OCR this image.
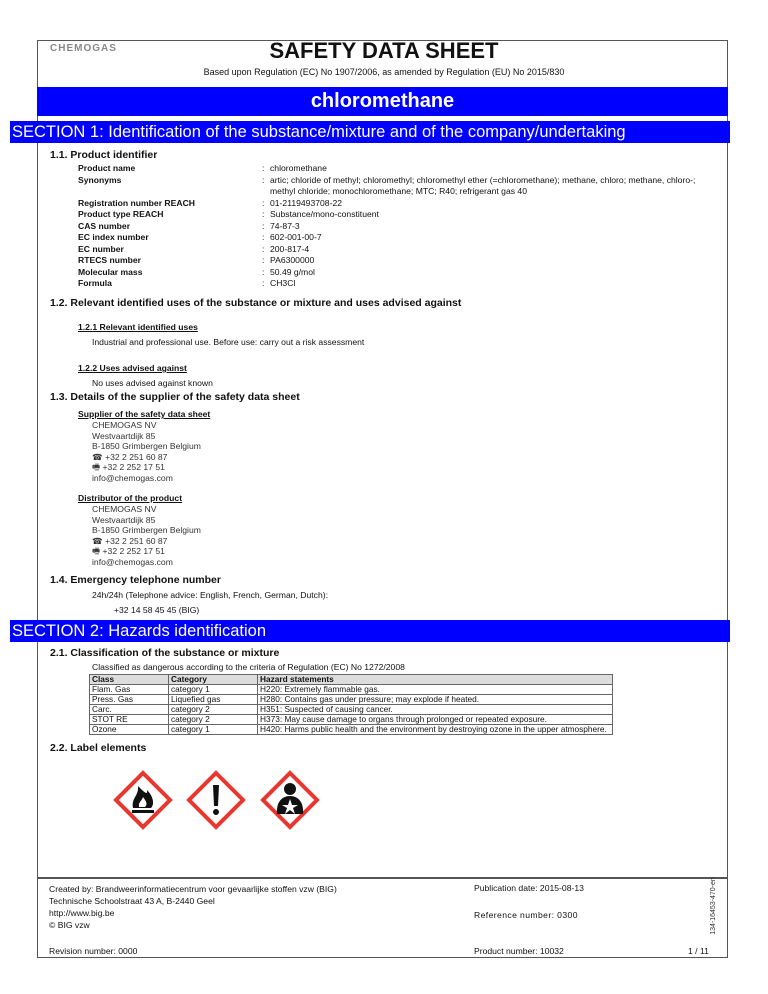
CHEMOGAS	SAFETY DATA SHEET
Based upon Regulation (EC) No 1907/2006, as amended by Regulation (EU) No 2015/830
chloromethane
SECTION 1: Identification of the substance/mixture and of the company/undertaking
1.1. Product identifier
Product name	: chloromethane
Synonyms	: artic; chloride of methyl; chloromethyl; chloromethyl ether (=chloromethane); methane, chloro; methane, chloro-;
methyl chloride; monochloromethane; MTC; R40; refrigerant gas 40
Registration number REACH	: 01-2119493708-22
Product type REACH	: Substance/mono-constituent
CAS number	: 74-87-3
EC index number	: 602-001-00-7
EC number	: 200-817-4
RTECS number	: PA6300000
Molecular mass	: 50.49 g/mol
Formula	: CH3Cl
1.2. Relevant identified uses of the substance or mixture and uses advised against
1.2.1 Relevant identified uses
Industrial and professional use. Before use: carry out a risk assessment
1.2.2 Uses advised against
No uses advised against known
1.3. Details of the supplier of the safety data sheet
Supplier of the safety data sheet
CHEMOGAS NV
Westvaartdijk 85
B-1850 Grimbergen Belgium
☎ +32 2 251 60 87
🖷 +32 2 252 17 51
info@chemogas.com
Distributor of the product
CHEMOGAS NV
Westvaartdijk 85
B-1850 Grimbergen Belgium
☎ +32 2 251 60 87
🖷 +32 2 252 17 51
info@chemogas.com
1.4. Emergency telephone number
24h/24h (Telephone advice: English, French, German, Dutch):
+32 14 58 45 45 (BIG)
SECTION 2: Hazards identification
2.1. Classification of the substance or mixture
Classified as dangerous according to the criteria of Regulation (EC) No 1272/2008
Class	Category	Hazard statements
Flam. Gas	category 1	H220: Extremely flammable gas.
Press. Gas	Liquefied gas	H280: Contains gas under pressure; may explode if heated.
Carc.	category 2	H351: Suspected of causing cancer.
STOT RE	category 2	H373: May cause damage to organs through prolonged or repeated exposure.
Ozone	category 1	H420: Harms public health and the environment by destroying ozone in the upper atmosphere.
2.2. Label elements
Created by: Brandweerinformatiecentrum voor gevaarlijke stoffen vzw (BIG)
Technische Schoolstraat 43 A, B-2440 Geel
http://www.big.be
© BIG vzw
Revision number: 0000
Publication date: 2015-08-13
Reference number: 0300
Product number: 10032	1 / 11
134-16453-470-en
